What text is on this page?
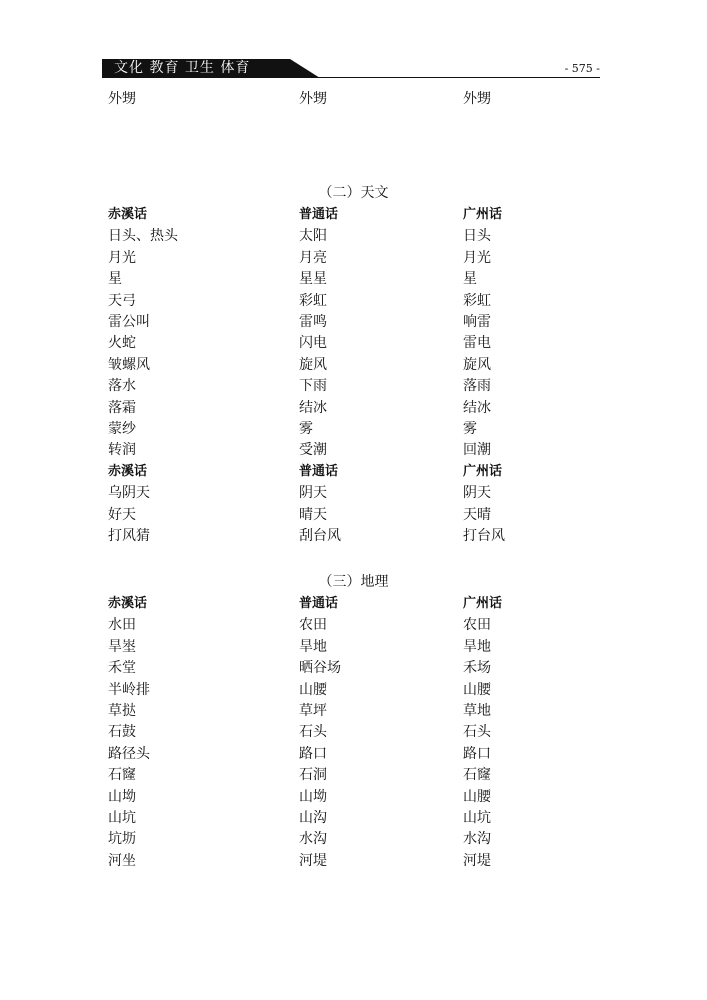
文化 教育 卫生 体育	- 575 -
外甥	外甥	外甥
（二）天文
赤溪话	普通话	广州话
日头、热头	太阳	日头
月光	月亮	月光
星	星星	星
天弓	彩虹	彩虹
雷公叫	雷鸣	响雷
火蛇	闪电	雷电
皱螺风	旋风	旋风
落水	下雨	落雨
落霜	结冰	结冰
蒙纱	雾	雾
转润	受潮	回潮
赤溪话	普通话	广州话
乌阴天	阴天	阴天
好天	晴天	天晴
打风猜	刮台风	打台风
（三）地理
赤溪话	普通话	广州话
水田	农田	农田
旱埊	旱地	旱地
禾堂	晒谷场	禾场
半岭排	山腰	山腰
草挞	草坪	草地
石鼓	石头	石头
路径头	路口	路口
石窿	石洞	石窿
山坳	山坳	山腰
山坑	山沟	山坑
坑坜	水沟	水沟
河坐	河堤	河堤
